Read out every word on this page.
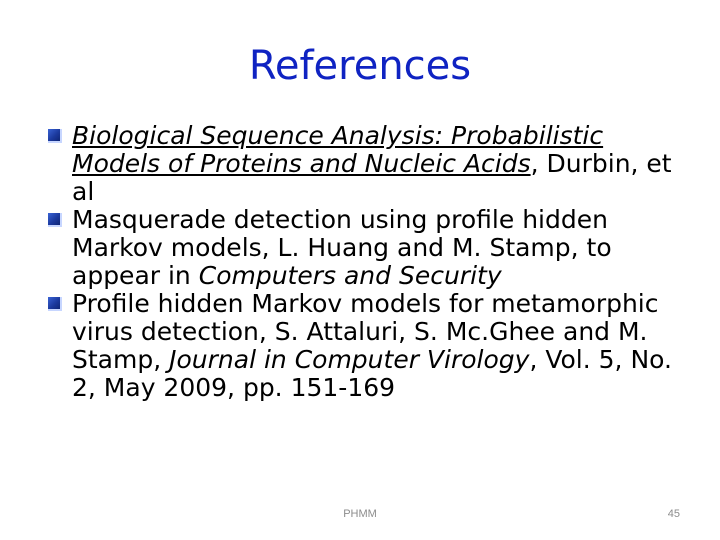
References
Biological Sequence Analysis: Probabilistic Models of Proteins and Nucleic Acids, Durbin, et al
Masquerade detection using profile hidden Markov models, L. Huang and M. Stamp, to appear in Computers and Security
Profile hidden Markov models for metamorphic virus detection, S. Attaluri, S. Mc.Ghee and M. Stamp, Journal in Computer Virology, Vol. 5, No. 2, May 2009, pp. 151-169
PHMM	45
